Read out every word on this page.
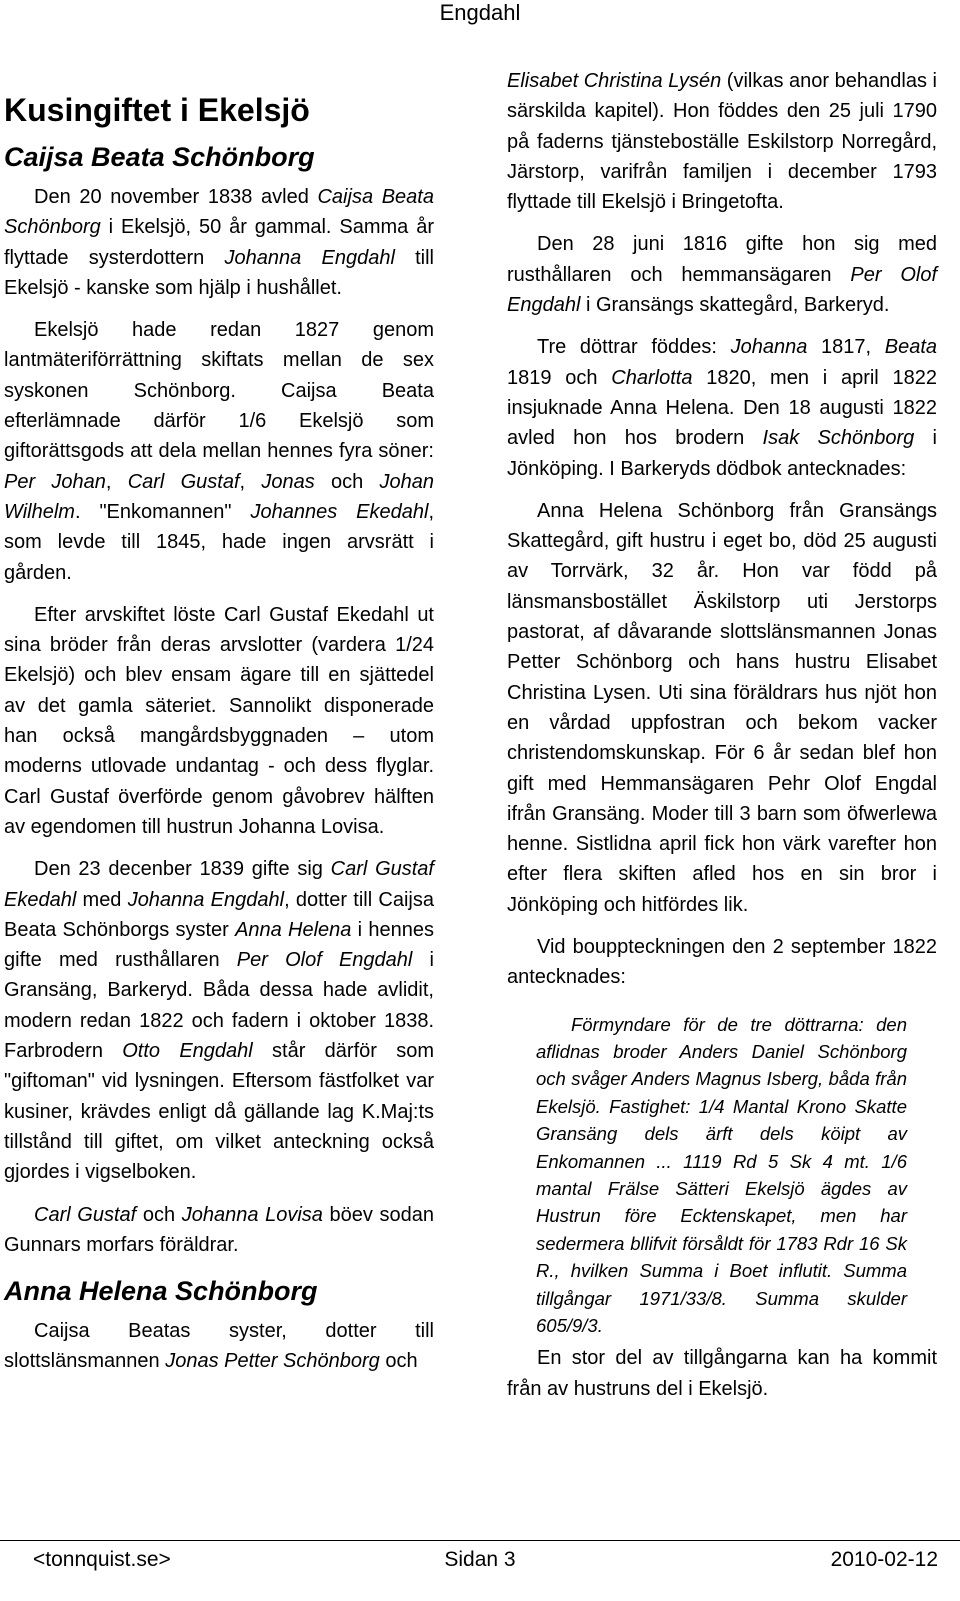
Engdahl
Kusingiftet i Ekelsjö
Caijsa Beata Schönborg

Den 20 november 1838 avled Caijsa Beata Schönborg i Ekelsjö, 50 år gammal. Samma år flyttade systerdottern Johanna Engdahl till Ekelsjö - kanske som hjälp i hushållet.

Ekelsjö hade redan 1827 genom lantmäteriförrättning skiftats mellan de sex syskonen Schönborg. Caijsa Beata efterlämnade därför 1/6 Ekelsjö som giftorättsgods att dela mellan hennes fyra söner: Per Johan, Carl Gustaf, Jonas och Johan Wilhelm. "Enkomannen" Johannes Ekedahl, som levde till 1845, hade ingen arvsrätt i gården.

Efter arvskiftet löste Carl Gustaf Ekedahl ut sina bröder från deras arvslotter (vardera 1/24 Ekelsjö) och blev ensam ägare till en sjättedel av det gamla säteriet. Sannolikt disponerade han också mangårdsbyggnaden – utom moderns utlovade undantag - och dess flyglar. Carl Gustaf överförde genom gåvobrev hälften av egendomen till hustrun Johanna Lovisa.

Den 23 decenber 1839 gifte sig Carl Gustaf Ekedahl med Johanna Engdahl, dotter till Caijsa Beata Schönborgs syster Anna Helena i hennes gifte med rusthållaren Per Olof Engdahl i Gransäng, Barkeryd. Båda dessa hade avlidit, modern redan 1822 och fadern i oktober 1838. Farbrodern Otto Engdahl står därför som "giftoman" vid lysningen. Eftersom fästfolket var kusiner, krävdes enligt då gällande lag K.Maj:ts tillstånd till giftet, om vilket anteckning också gjordes i vigselboken.

Carl Gustaf och Johanna Lovisa böev sodan Gunnars morfars föräldrar.

Anna Helena Schönborg

Caijsa Beatas syster, dotter till slottslänsmannen Jonas Petter Schönborg och

Elisabet Christina Lysén (vilkas anor behandlas i särskilda kapitel). Hon föddes den 25 juli 1790 på faderns tjänsteboställe Eskilstorp Norregård, Järstorp, varifrån familjen i december 1793 flyttade till Ekelsjö i Bringetofta.

Den 28 juni 1816 gifte hon sig med rusthållaren och hemmansägaren Per Olof Engdahl i Gransängs skattegård, Barkeryd.

Tre döttrar föddes: Johanna 1817, Beata 1819 och Charlotta 1820, men i april 1822 insjuknade Anna Helena. Den 18 augusti 1822 avled hon hos brodern Isak Schönborg i Jönköping. I Barkeryds dödbok antecknades:

Anna Helena Schönborg från Gransängs Skattegård, gift hustru i eget bo, död 25 augusti av Torrvärk, 32 år. Hon var född på länsmansbostället Äskilstorp uti Jerstorps pastorat, af dåvarande slottslänsmannen Jonas Petter Schönborg och hans hustru Elisabet Christina Lysen. Uti sina föräldrars hus njöt hon en vårdad uppfostran och bekom vacker christendomskunskap. För 6 år sedan blef hon gift med Hemmansägaren Pehr Olof Engdal ifrån Gransäng. Moder till 3 barn som öfwerlewa henne. Sistlidna april fick hon värk varefter hon efter flera skiften afled hos en sin bror i Jönköping och hitfördes lik.

Vid bouppteckningen den 2 september 1822 antecknades:

Förmyndare för de tre döttrarna: den aflidnas broder Anders Daniel Schönborg och svåger Anders Magnus Isberg, båda från Ekelsjö. Fastighet: 1/4 Mantal Krono Skatte Gransäng dels ärft dels köipt av Enkomannen ... 1119 Rd 5 Sk 4 mt. 1/6 mantal Frälse Sätteri Ekelsjö ägdes av Hustrun före Ecktenskapet, men har sedermera bllifvit försåldt för 1783 Rdr 16 Sk R., hvilken Summa i Boet influtit. Summa tillgångar 1971/33/8. Summa skulder 605/9/3.

En stor del av tillgångarna kan ha kommit från av hustruns del i Ekelsjö.

<tonnquist.se>	Sidan 3	2010-02-12
